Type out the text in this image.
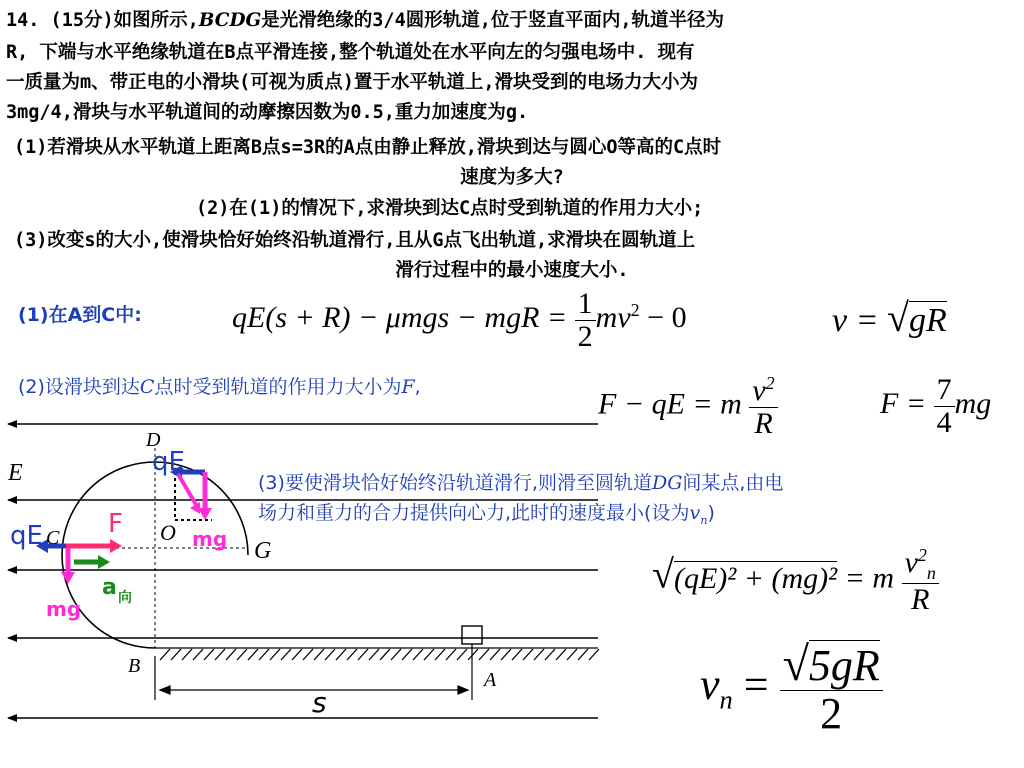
14. (15分)如图所示,BCDG是光滑绝缘的3/4圆形轨道,位于竖直平面内,轨道半径为
R, 下端与水平绝缘轨道在B点平滑连接,整个轨道处在水平向左的匀强电场中. 现有
一质量为m、带正电的小滑块(可视为质点)置于水平轨道上,滑块受到的电场力大小为
3mg/4,滑块与水平轨道间的动摩擦因数为0.5,重力加速度为g.
(1)若滑块从水平轨道上距离B点s=3R的A点由静止释放,滑块到达与圆心O等高的C点时
速度为多大?
(2)在(1)的情况下,求滑块到达C点时受到轨道的作用力大小;
(3)改变s的大小,使滑块恰好始终沿轨道滑行,且从G点飞出轨道,求滑块在圆轨道上
滑行过程中的最小速度大小.
(1)在A到C中:
(2)设滑块到达C点时受到轨道的作用力大小为F,
(3)要使滑块恰好始终沿轨道滑行,则滑至圆轨道DG间某点,由电
场力和重力的合力提供向心力,此时的速度最小(设为$v_n$)
qE(s + R) − μmgs − mgR = $\frac{1}{2} mv^2 - 0$	v = √gR
F − qE = m $\frac{v^2}{R}$	$F = \frac{7}{4}$ mg
√(qE)² + (mg)² = m $\frac{v^2_n}{R}$
$v_n = \frac{√5gR}{2}$
D
E
C	O
G
B
A
s
qE
mg
qE	F
mg
a 向
